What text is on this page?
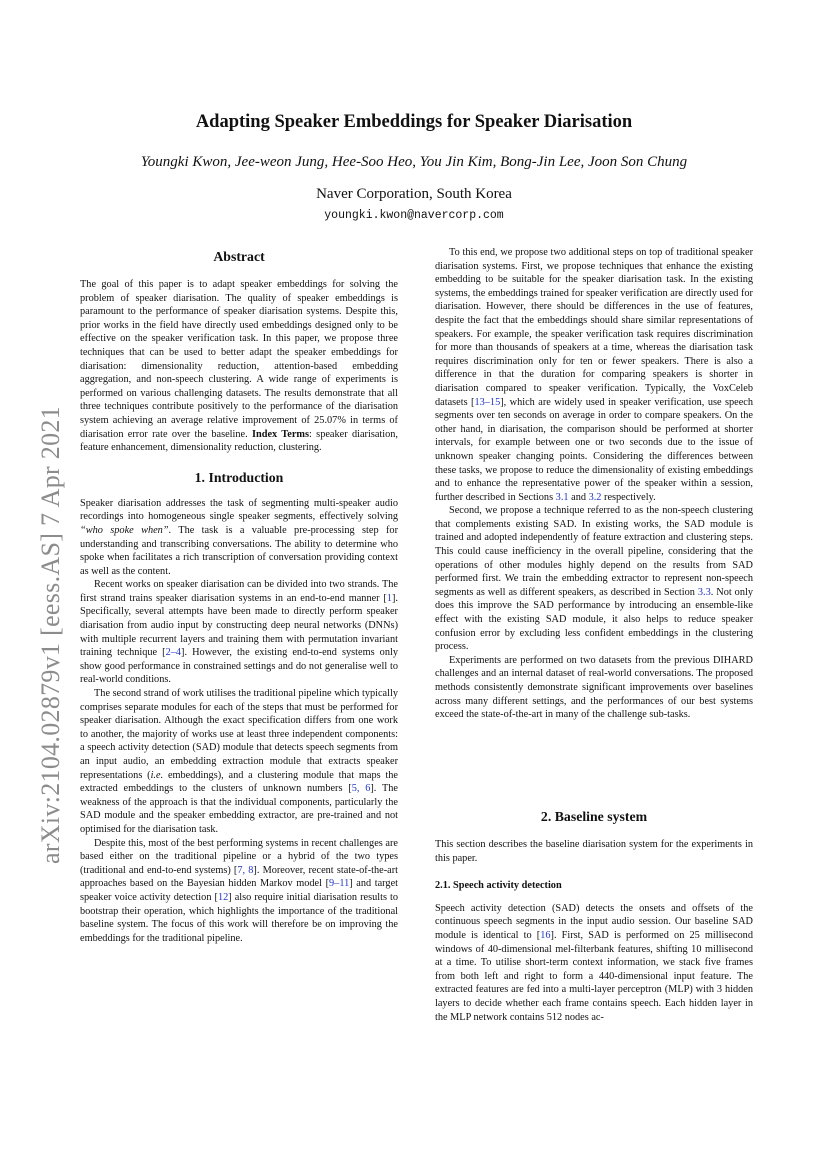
arXiv:2104.02879v1 [eess.AS] 7 Apr 2021
Adapting Speaker Embeddings for Speaker Diarisation
Youngki Kwon, Jee-weon Jung, Hee-Soo Heo, You Jin Kim, Bong-Jin Lee, Joon Son Chung
Naver Corporation, South Korea
youngki.kwon@navercorp.com
Abstract

The goal of this paper is to adapt speaker embeddings for solving the problem of speaker diarisation. The quality of speaker embeddings is paramount to the performance of speaker diarisation systems. Despite this, prior works in the field have directly used embeddings designed only to be effective on the speaker verification task. In this paper, we propose three techniques that can be used to better adapt the speaker embeddings for diarisation: dimensionality reduction, attention-based embedding aggregation, and non-speech clustering. A wide range of experiments is performed on various challenging datasets. The results demonstrate that all three techniques contribute positively to the performance of the diarisation system achieving an average relative improvement of 25.07% in terms of diarisation error rate over the baseline. Index Terms: speaker diarisation, feature enhancement, dimensionality reduction, clustering.

1. Introduction

Speaker diarisation addresses the task of segmenting multi-speaker audio recordings into homogeneous single speaker segments, effectively solving “who spoke when”. The task is a valuable pre-processing step for understanding and transcribing conversations. The ability to determine who spoke when facilitates a rich transcription of conversation providing context as well as the content.

Recent works on speaker diarisation can be divided into two strands. The first strand trains speaker diarisation systems in an end-to-end manner [1]. Specifically, several attempts have been made to directly perform speaker diarisation from audio input by constructing deep neural networks (DNNs) with multiple recurrent layers and training them with permutation invariant training technique [2–4]. However, the existing end-to-end systems only show good performance in constrained settings and do not generalise well to real-world conditions.

The second strand of work utilises the traditional pipeline which typically comprises separate modules for each of the steps that must be performed for speaker diarisation. Although the exact specification differs from one work to another, the majority of works use at least three independent components: a speech activity detection (SAD) module that detects speech segments from an input audio, an embedding extraction module that extracts speaker representations (i.e. embeddings), and a clustering module that maps the extracted embeddings to the clusters of unknown numbers [5, 6]. The weakness of the approach is that the individual components, particularly the SAD module and the speaker embedding extractor, are pre-trained and not optimised for the diarisation task.

Despite this, most of the best performing systems in recent challenges are based either on the traditional pipeline or a hybrid of the two types (traditional and end-to-end systems) [7, 8]. Moreover, recent state-of-the-art approaches based on the Bayesian hidden Markov model [9–11] and target speaker voice activity detection [12] also require initial diarisation results to bootstrap their operation, which highlights the importance of the traditional baseline system. The focus of this work will therefore be on improving the embeddings for the traditional pipeline.

To this end, we propose two additional steps on top of traditional speaker diarisation systems. First, we propose techniques that enhance the existing embedding to be suitable for the speaker diarisation task. In the existing systems, the embeddings trained for speaker verification are directly used for diarisation. However, there should be differences in the use of features, despite the fact that the embeddings should share similar representations of speakers. For example, the speaker verification task requires discrimination for more than thousands of speakers at a time, whereas the diarisation task requires discrimination only for ten or fewer speakers. There is also a difference in that the duration for comparing speakers is shorter in diarisation compared to speaker verification. Typically, the VoxCeleb datasets [13–15], which are widely used in speaker verification, use speech segments over ten seconds on average in order to compare speakers. On the other hand, in diarisation, the comparison should be performed at shorter intervals, for example between one or two seconds due to the issue of unknown speaker changing points. Considering the differences between these tasks, we propose to reduce the dimensionality of existing embeddings and to enhance the representative power of the speaker within a session, further described in Sections 3.1 and 3.2 respectively.

Second, we propose a technique referred to as the non-speech clustering that complements existing SAD. In existing works, the SAD module is trained and adopted independently of feature extraction and clustering steps. This could cause inefficiency in the overall pipeline, considering that the operations of other modules highly depend on the results from SAD performed first. We train the embedding extractor to represent non-speech segments as well as different speakers, as described in Section 3.3. Not only does this improve the SAD performance by introducing an ensemble-like effect with the existing SAD module, it also helps to reduce speaker confusion error by excluding less confident embeddings in the clustering process.

Experiments are performed on two datasets from the previous DIHARD challenges and an internal dataset of real-world conversations. The proposed methods consistently demonstrate significant improvements over baselines across many different settings, and the performances of our best systems exceed the state-of-the-art in many of the challenge sub-tasks.

2. Baseline system

This section describes the baseline diarisation system for the experiments in this paper.

2.1. Speech activity detection

Speech activity detection (SAD) detects the onsets and offsets of the continuous speech segments in the input audio session. Our baseline SAD module is identical to [16]. First, SAD is performed on 25 millisecond windows of 40-dimensional mel-filterbank features, shifting 10 millisecond at a time. To utilise short-term context information, we stack five frames from both left and right to form a 440-dimensional input feature. The extracted features are fed into a multi-layer perceptron (MLP) with 3 hidden layers to decide whether each frame contains speech. Each hidden layer in the MLP network contains 512 nodes ac-
